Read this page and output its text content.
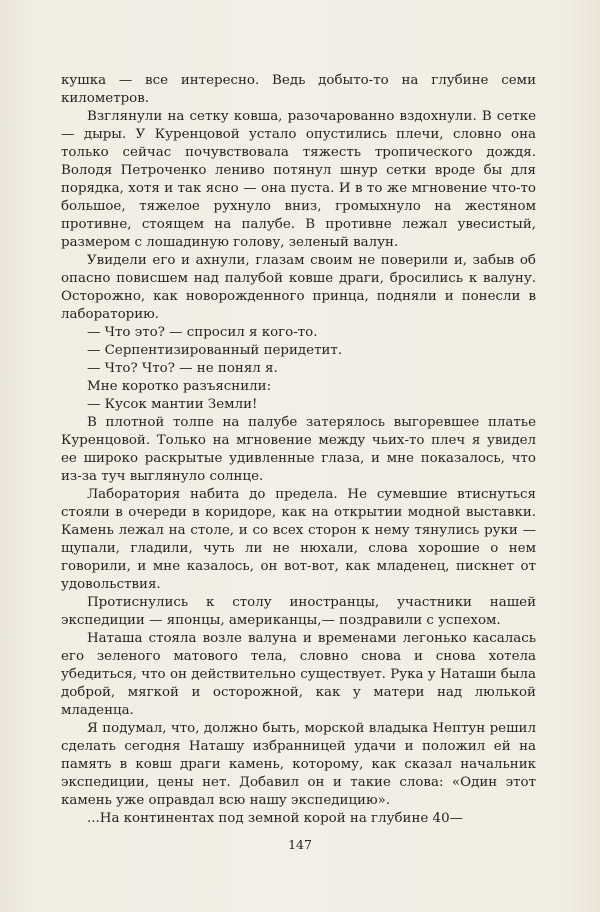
кушка — все интересно. Ведь добыто-то на глубине семи километров.

Взглянули на сетку ковша, разочарованно вздохнули. В сетке — дыры. У Куренцовой устало опустились плечи, словно она только сейчас почувствовала тяжесть тропического дождя. Володя Петроченко лениво потянул шнур сетки вроде бы для порядка, хотя и так ясно — она пуста. И в то же мгновение что-то большое, тяжелое рухнуло вниз, громыхнуло на жестяном противне, стоящем на палубе. В противне лежал увесистый, размером с лошадиную голову, зеленый валун.

Увидели его и ахнули, глазам своим не поверили и, забыв об опасно повисшем над палубой ковше драги, бросились к валуну. Осторожно, как новорожденного принца, подняли и понесли в лабораторию.

— Что это? — спросил я кого-то.

— Серпентизированный перидетит.

— Что? Что? — не понял я.

Мне коротко разъяснили:

— Кусок мантии Земли!

В плотной толпе на палубе затерялось выгоревшее платье Куренцовой. Только на мгновение между чьих-то плеч я увидел ее широко раскрытые удивленные глаза, и мне показалось, что из-за туч выглянуло солнце.

Лаборатория набита до предела. Не сумевшие втиснуться стояли в очереди в коридоре, как на открытии модной выставки. Камень лежал на столе, и со всех сторон к нему тянулись руки — щупали, гладили, чуть ли не нюхали, слова хорошие о нем говорили, и мне казалось, он вот-вот, как младенец, пискнет от удовольствия.

Протиснулись к столу иностранцы, участники нашей экспедиции — японцы, американцы,— поздравили с успехом.

Наташа стояла возле валуна и временами легонько касалась его зеленого матового тела, словно снова и снова хотела убедиться, что он действительно существует. Рука у Наташи была доброй, мягкой и осторожной, как у матери над люлькой младенца.

Я подумал, что, должно быть, морской владыка Нептун решил сделать сегодня Наташу избранницей удачи и положил ей на память в ковш драги камень, которому, как сказал начальник экспедиции, цены нет. Добавил он и такие слова: «Один этот камень уже оправдал всю нашу экспедицию».

...На континентах под земной корой на глубине 40—

147
